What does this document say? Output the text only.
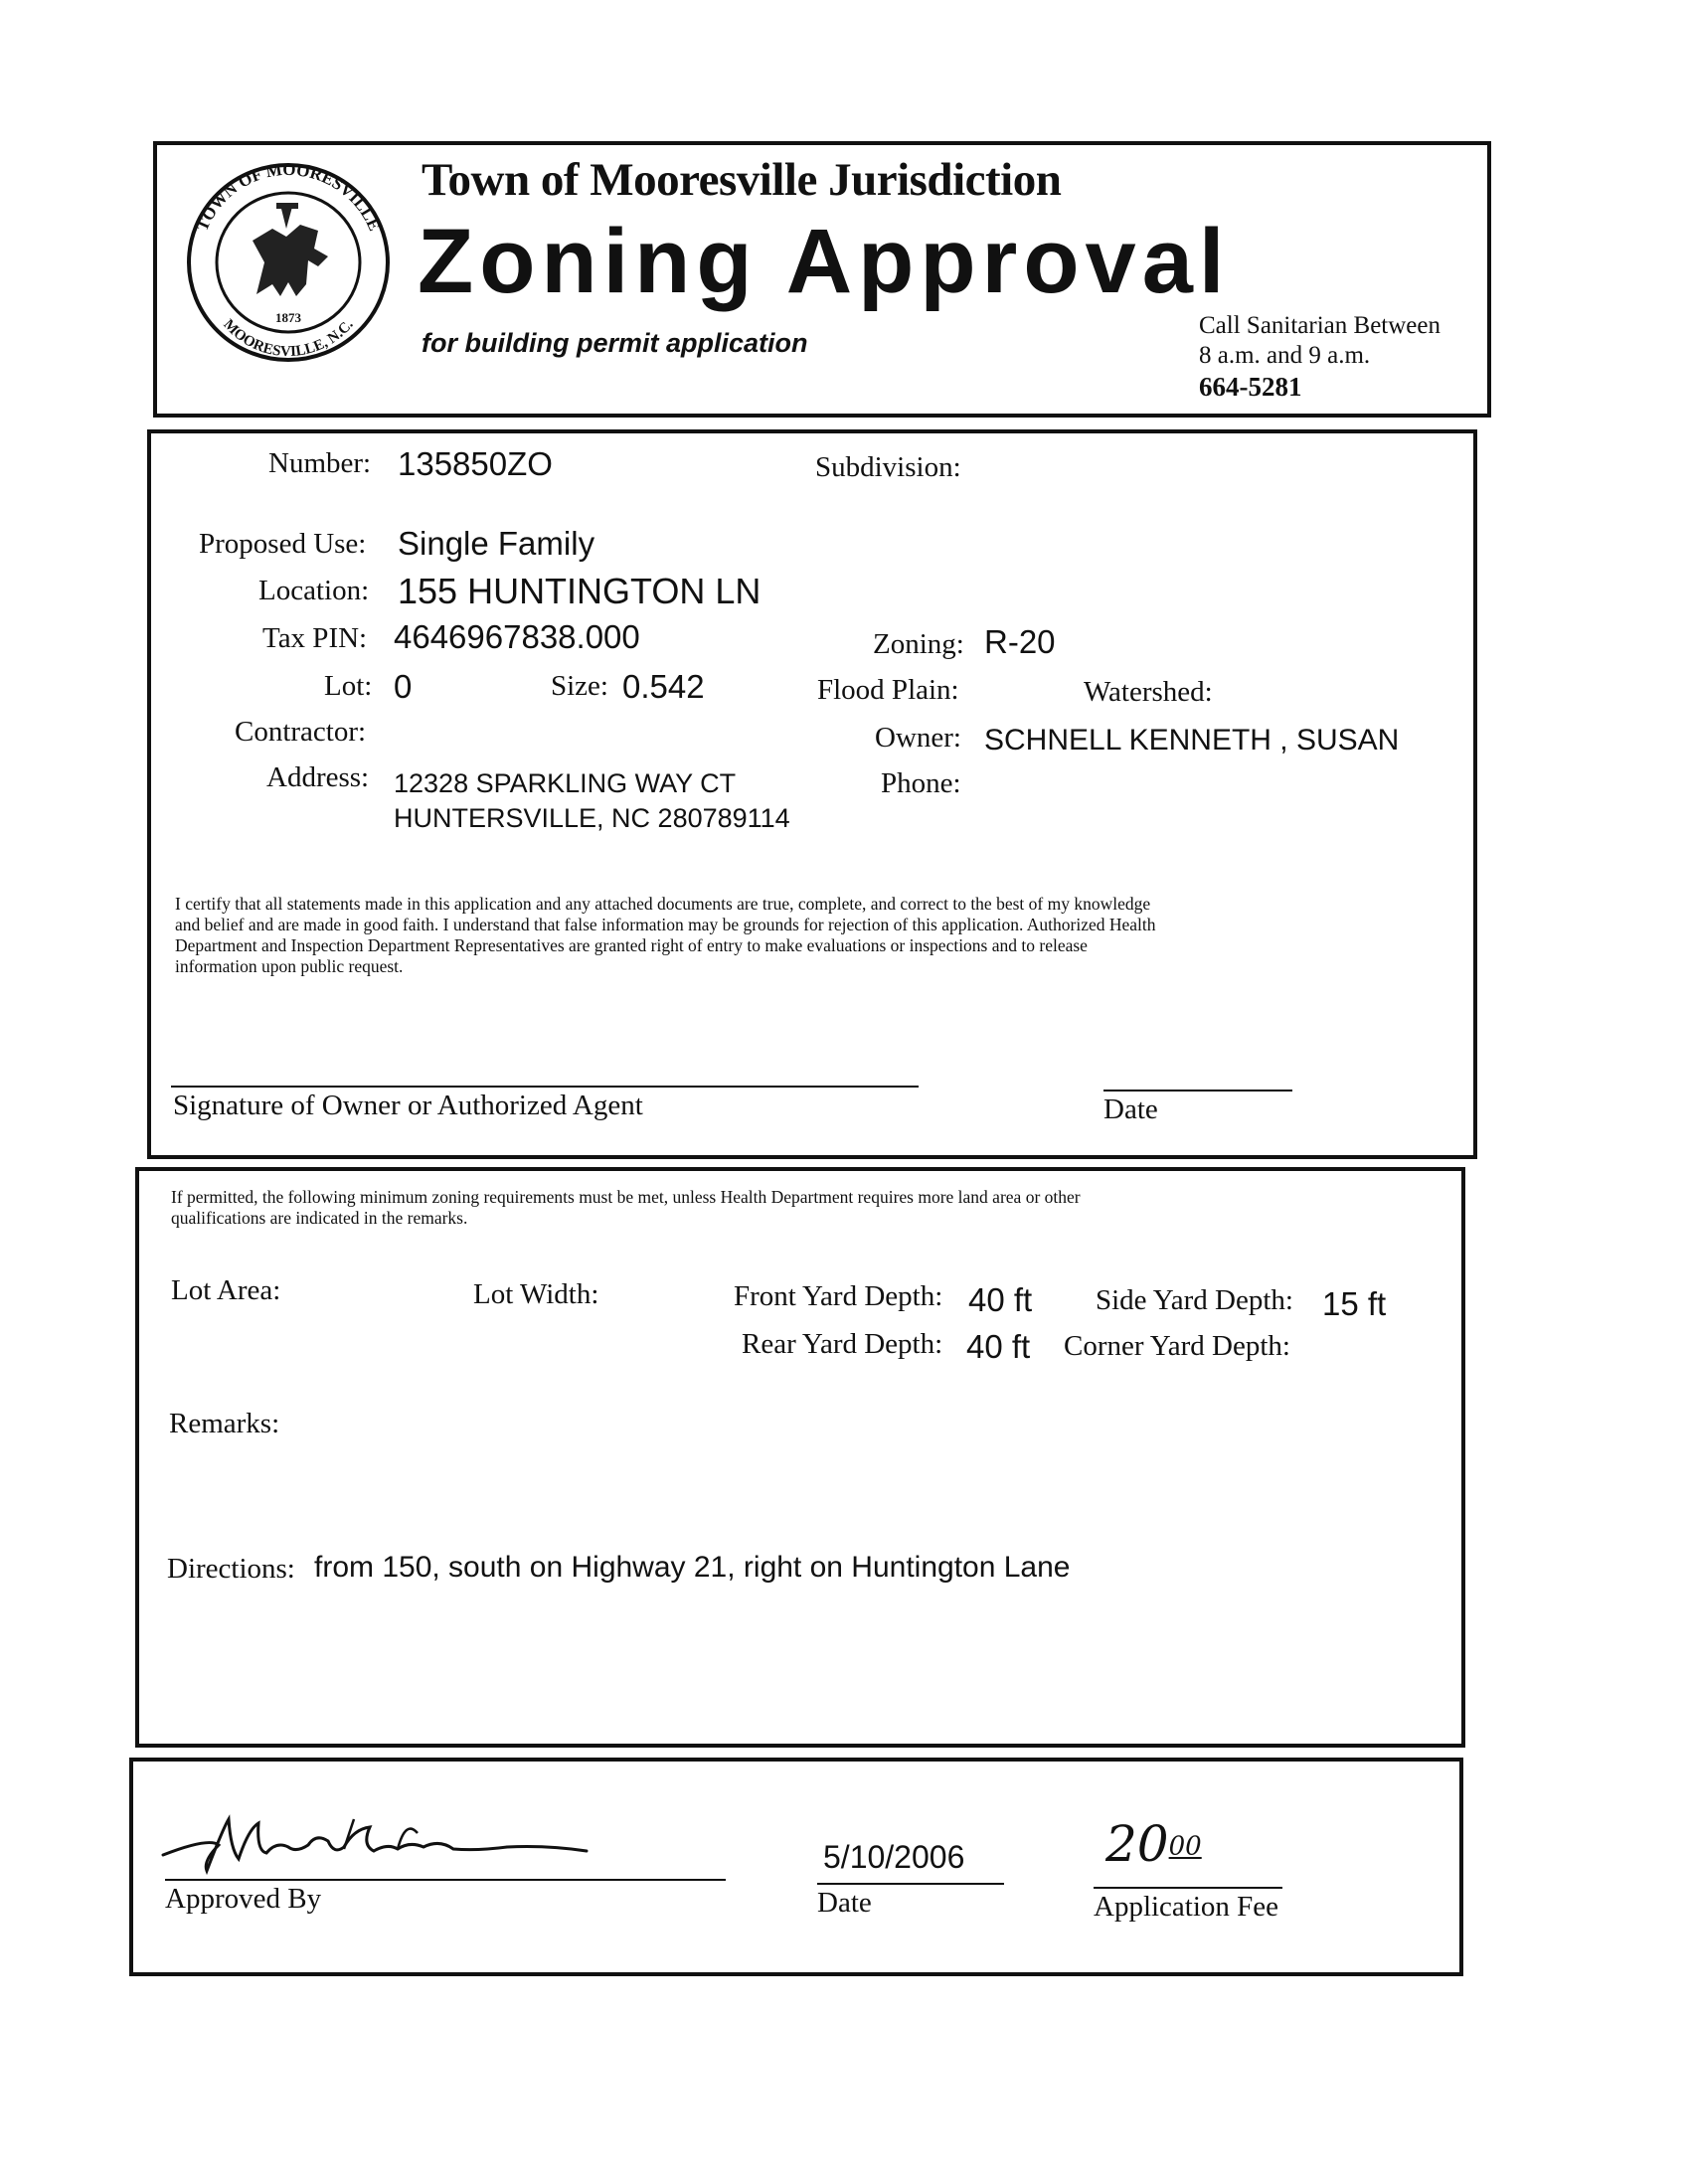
TOWN OF MOORESVILLE
MOORESVILLE, N.C.
1873
Town of Mooresville Jurisdiction
Zoning Approval
for building permit application
Call Sanitarian Between
8 a.m. and 9 a.m.
664-5281
Number: 135850ZO	Subdivision:
Proposed Use: Single Family
Location: 155 HUNTINGTON LN
Tax PIN: 4646967838.000	Zoning: R-20
Lot: 0	Size: 0.542	Flood Plain:	Watershed:
Contractor:	Owner: SCHNELL KENNETH , SUSAN
Address: 12328 SPARKLING WAY CT
HUNTERSVILLE, NC 280789114
Phone:
I certify that all statements made in this application and any attached documents are true, complete, and correct to the best of my knowledge
and belief and are made in good faith. I understand that false information may be grounds for rejection of this application. Authorized Health
Department and Inspection Department Representatives are granted right of entry to make evaluations or inspections and to release
information upon public request.
Signature of Owner or Authorized Agent	Date
If permitted, the following minimum zoning requirements must be met, unless Health Department requires more land area or other
qualifications are indicated in the remarks.
Lot Area:	Lot Width:	Front Yard Depth: 40 ft Side Yard Depth: 15 ft
Rear Yard Depth: 40 ft Corner Yard Depth:
Remarks:
Directions: from 150, south on Highway 21, right on Huntington Lane
Approved By
5/10/2006
Date
$20^{00}$
Application Fee
